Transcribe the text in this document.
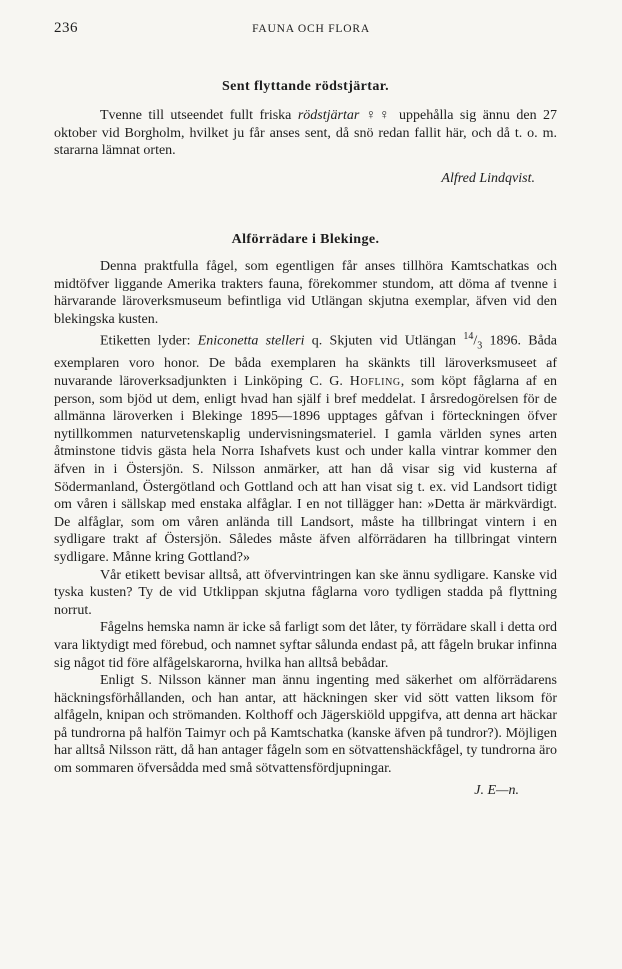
236	FAUNA OCH FLORA
Sent flyttande rödstjärtar.

Tvenne till utseendet fullt friska rödstjärtar ♀♀ uppehålla sig ännu den 27 oktober vid Borgholm, hvilket ju får anses sent, då snö redan fallit här, och då t. o. m. stararna lämnat orten.

Alfred Lindqvist.
Alförrädare i Blekinge.

Denna praktfulla fågel, som egentligen får anses tillhöra Kamtschatkas och midtöfver liggande Amerika trakters fauna, förekommer stundom, att döma af tvenne i härvarande läroverksmuseum befintliga vid Utlängan skjutna exemplar, äfven vid den blekingska kusten.

Etiketten lyder: Eniconetta stelleri q. Skjuten vid Utlängan $^{14}/_3$ 1896. Båda exemplaren voro honor. De båda exemplaren ha skänkts till läroverksmuseet af nuvarande läroverksadjunkten i Linköping C. G. Hofling, som köpt fåglarna af en person, som bjöd ut dem, enligt hvad han själf i bref meddelat. I årsredogörelsen för de allmänna läroverken i Blekinge 1895—1896 upptages gåfvan i förteckningen öfver nytillkommen naturvetenskaplig undervisningsmateriel. I gamla världen synes arten åtminstone tidvis gästa hela Norra Ishafvets kust och under kalla vintrar kommer den äfven in i Östersjön. S. Nilsson anmärker, att han då visar sig vid kusterna af Södermanland, Östergötland och Gottland och att han visat sig t. ex. vid Landsort tidigt om våren i sällskap med enstaka alfåglar. I en not tillägger han: »Detta är märkvärdigt. De alfåglar, som om våren anlända till Landsort, måste ha tillbringat vintern i en sydligare trakt af Östersjön. Således måste äfven alförrädaren ha tillbringat vintern sydligare. Månne kring Gottland?»

Vår etikett bevisar alltså, att öfvervintringen kan ske ännu sydligare. Kanske vid tyska kusten? Ty de vid Utklippan skjutna fåglarna voro tydligen stadda på flyttning norrut.

Fågelns hemska namn är icke så farligt som det låter, ty förrädare skall i detta ord vara liktydigt med förebud, och namnet syftar sålunda endast på, att fågeln brukar infinna sig något tid före alfågelskarorna, hvilka han alltså bebådar.

Enligt S. Nilsson känner man ännu ingenting med säkerhet om alförrädarens häckningsförhållanden, och han antar, att häckningen sker vid sött vatten liksom för alfågeln, knipan och strömanden. Kolthoff och Jägerskiöld uppgifva, att denna art häckar på tundrorna på halfön Taimyr och på Kamtschatka (kanske äfven på tundror?). Möjligen har alltså Nilsson rätt, då han antager fågeln som en sötvattenshäckfågel, ty tundrorna äro om sommaren öfversådda med små sötvattensfördjupningar.

J. E—n.
